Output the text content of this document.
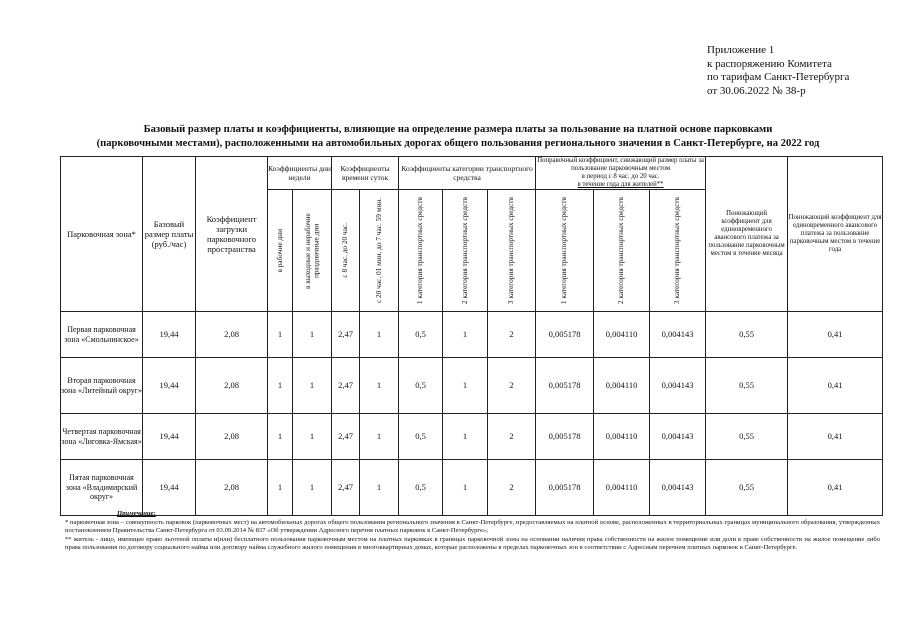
Приложение 1
к распоряжению Комитета
по тарифам Санкт-Петербурга
от 30.06.2022 № 38-р
Базовый размер платы и коэффициенты, влияющие на определение размера платы за пользование на платной основе парковками
(парковочными местами), расположенными на автомобильных дорогах общего пользования регионального значения в Санкт-Петербурге, на 2022 год
Парковочная зона*	Базовый размер платы (руб./час)	Коэффициент загрузки парковочного пространства	Коэффициенты дни недели		Коэффициенты времени суток		Коэффициенты категории транспортного средства			Поправочный коэффициент, снижающий размер платы за пользование парковочным местом
в период с 8 час. до 20 час.
в течение года для жителей**			Понижающий коэффициент для единовременного авансового платежа за пользование парковочным местом в течение месяца	Понижающий коэффициент для единовременного авансового платежа за пользование парковочным местом в течение года

			в рабочие дни	в выходные и нерабочие праздничные дни	с 8 час. до 20 час.	с 20 час. 01 мин. до 7 час. 59 мин.	1 категория транспортных средств	2 категория транспортных средств	3 категория транспортных средств	1 категория транспортных средств	2 категория транспортных средств	3 категория транспортных средств		

Первая парковочная зона «Смольнинское»	19,44	2,08	1	1	2,47	1	0,5	1	2	0,005178	0,004110	0,004143	0,55	0,41
Вторая парковочная зона «Литейный округ»	19,44	2,08	1	1	2,47	1	0,5	1	2	0,005178	0,004110	0,004143	0,55	0,41
Четвертая парковочная зона «Лиговка-Ямская»	19,44	2,08	1	1	2,47	1	0,5	1	2	0,005178	0,004110	0,004143	0,55	0,41
Пятая парковочная зона «Владимирский округ»	19,44	2,08	1	1	2,47	1	0,5	1	2	0,005178	0,004110	0,004143	0,55	0,41
Примечание:
* парковочная зона – совокупность парковок (парковочных мест) на автомобильных дорогах общего пользования регионального значения в Санкт-Петербурге, предоставляемых на платной основе, расположенных в территориальных границах муниципального образования, утвержденных постановлением Правительства Санкт-Петербурга от 03.09.2014 № 837 «Об утверждении Адресного перечня платных парковок в Санкт-Петербурге»;
** житель - лицо, имеющее право льготной оплаты и(или) бесплатного пользования парковочным местом на платных парковках в границах парковочной зоны на основании наличия права собственности на жилое помещение или доли в праве собственности на жилое помещение либо права пользования по договору социального найма или договору найма служебного жилого помещения в многоквартирных домах, которые расположены в пределах парковочных зон в соответствии с Адресным перечнем платных парковок в Санкт-Петербурге.
